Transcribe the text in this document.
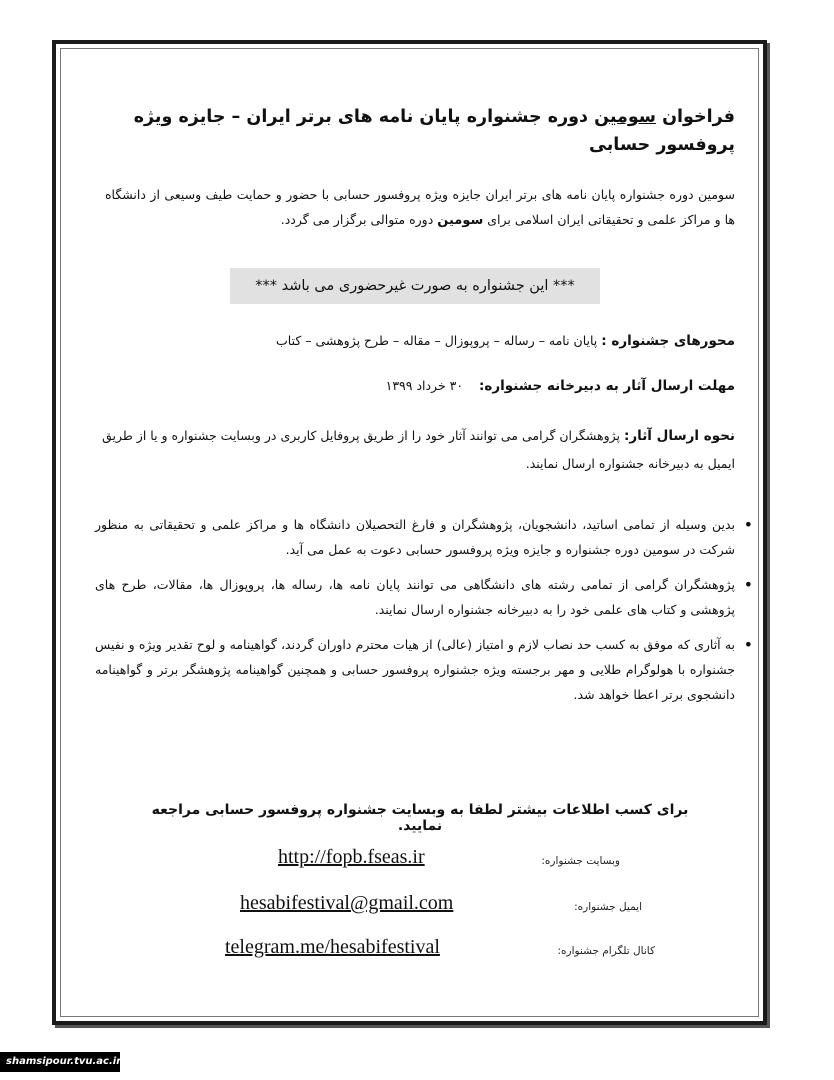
فراخوان سومین دوره جشنواره پایان نامه های برتر ایران – جایزه ویژه پروفسور حسابی
سومین دوره جشنواره پایان نامه های برتر ایران جایزه ویژه پروفسور حسابی با حضور و حمایت طیف وسیعی از دانشگاه ها و مراکز علمی و تحقیقاتی ایران اسلامی برای سومین دوره متوالی برگزار می گردد.
*** این جشنواره به صورت غیرحضوری می باشد ***
محورهای جشنواره : پایان نامه – رساله – پروپوزال – مقاله – طرح پژوهشی – کتاب
مهلت ارسال آثار به دبیرخانه جشنواره:    ۳۰ خرداد ۱۳۹۹
نحوه ارسال آثار: پژوهشگران گرامی می توانند آثار خود را از طریق پروفایل کاربری در وبسایت جشنواره و یا از طریق ایمیل به دبیرخانه جشنواره ارسال نمایند.
• بدین وسیله از تمامی اساتید، دانشجویان، پژوهشگران و فارغ التحصیلان دانشگاه ها و مراکز علمی و تحقیقاتی به منظور شرکت در سومین دوره جشنواره و جایزه ویژه پروفسور حسابی دعوت به عمل می آید.
• پژوهشگران گرامی از تمامی رشته های دانشگاهی می توانند پایان نامه ها، رساله ها، پروپوزال ها، مقالات، طرح های پژوهشی و کتاب های علمی خود را به دبیرخانه جشنواره ارسال نمایند.
• به آثاری که موفق به کسب حد نصاب لازم و امتیاز (عالی) از هیات محترم داوران گردند، گواهینامه و لوح تقدیر ویژه و نفیس جشنواره با هولوگرام طلایی و مهر برجسته ویژه جشنواره پروفسور حسابی و همچنین گواهینامه پژوهشگر برتر و گواهینامه دانشجوی برتر اعطا خواهد شد.
برای کسب اطلاعات بیشتر لطفا به وبسایت جشنواره پروفسور حسابی مراجعه نمایید.
http://fopb.fseas.ir	وبسایت جشنواره:
hesabifestival@gmail.com	ایمیل جشنواره:
telegram.me/hesabifestival	کانال تلگرام جشنواره:
shamsipour.tvu.ac.ir
